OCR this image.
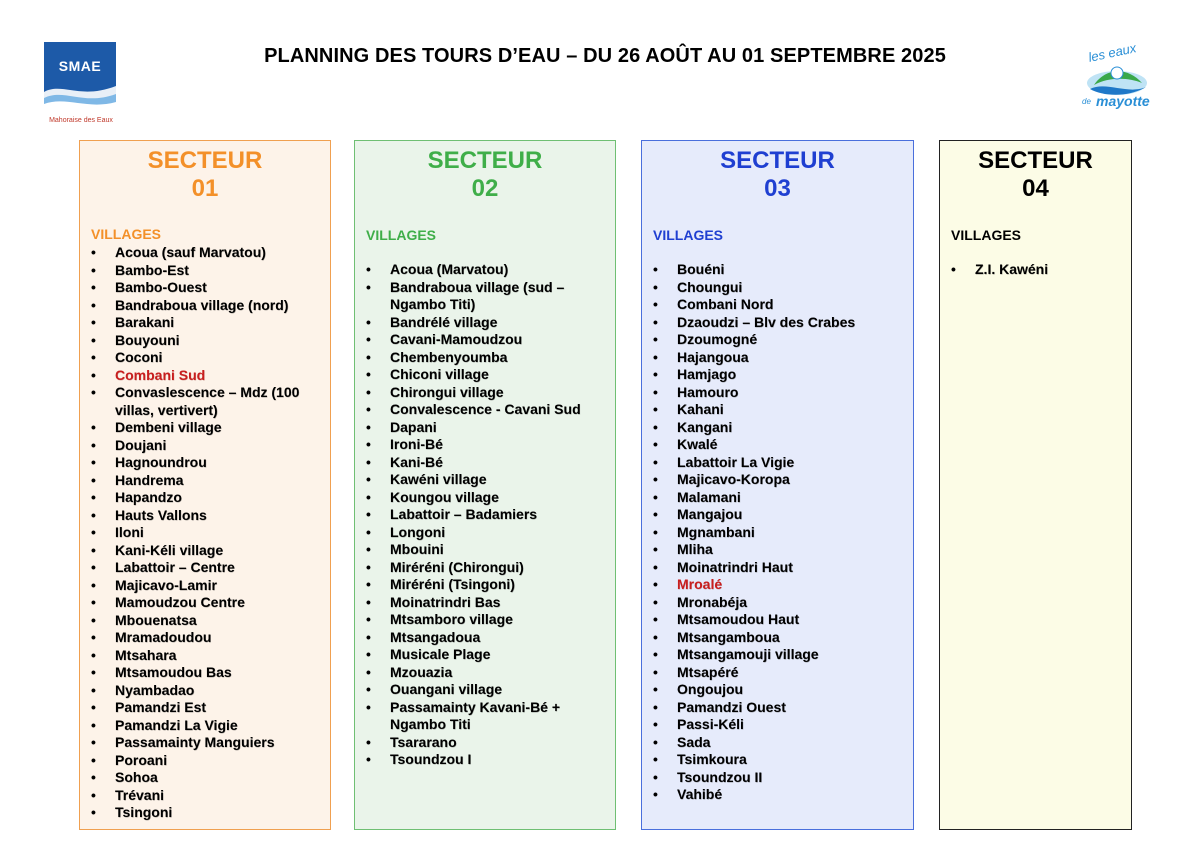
PLANNING DES TOURS D’EAU – DU 26 AOÛT AU 01 SEPTEMBRE 2025
SMAE
Mahoraise des Eaux
les eaux
de mayotte
SECTEUR
01
VILLAGES
• Acoua (sauf Marvatou)
• Bambo-Est
• Bambo-Ouest
• Bandraboua village (nord)
• Barakani
• Bouyouni
• Coconi
• Combani Sud
• Convaslescence – Mdz (100 villas, vertivert)
• Dembeni village
• Doujani
• Hagnoundrou
• Handrema
• Hapandzo
• Hauts Vallons
• Iloni
• Kani-Kéli village
• Labattoir – Centre
• Majicavo-Lamir
• Mamoudzou Centre
• Mbouenatsa
• Mramadoudou
• Mtsahara
• Mtsamoudou Bas
• Nyambadao
• Pamandzi Est
• Pamandzi La Vigie
• Passamainty Manguiers
• Poroani
• Sohoa
• Trévani
• Tsingoni
SECTEUR
02
VILLAGES
• Acoua (Marvatou)
• Bandraboua village (sud – Ngambo Titi)
• Bandrélé village
• Cavani-Mamoudzou
• Chembenyoumba
• Chiconi village
• Chirongui village
• Convalescence - Cavani Sud
• Dapani
• Ironi-Bé
• Kani-Bé
• Kawéni village
• Koungou village
• Labattoir – Badamiers
• Longoni
• Mbouini
• Miréréni (Chirongui)
• Miréréni (Tsingoni)
• Moinatrindri Bas
• Mtsamboro village
• Mtsangadoua
• Musicale Plage
• Mzouazia
• Ouangani village
• Passamainty Kavani-Bé + Ngambo Titi
• Tsararano
• Tsoundzou I
SECTEUR
03
VILLAGES
• Bouéni
• Choungui
• Combani Nord
• Dzaoudzi – Blv des Crabes
• Dzoumogné
• Hajangoua
• Hamjago
• Hamouro
• Kahani
• Kangani
• Kwalé
• Labattoir La Vigie
• Majicavo-Koropa
• Malamani
• Mangajou
• Mgnambani
• Mliha
• Moinatrindri Haut
• Mroalé
• Mronabéja
• Mtsamoudou Haut
• Mtsangamboua
• Mtsangamouji village
• Mtsapéré
• Ongoujou
• Pamandzi Ouest
• Passi-Kéli
• Sada
• Tsimkoura
• Tsoundzou II
• Vahibé
SECTEUR
04
VILLAGES
• Z.I. Kawéni
